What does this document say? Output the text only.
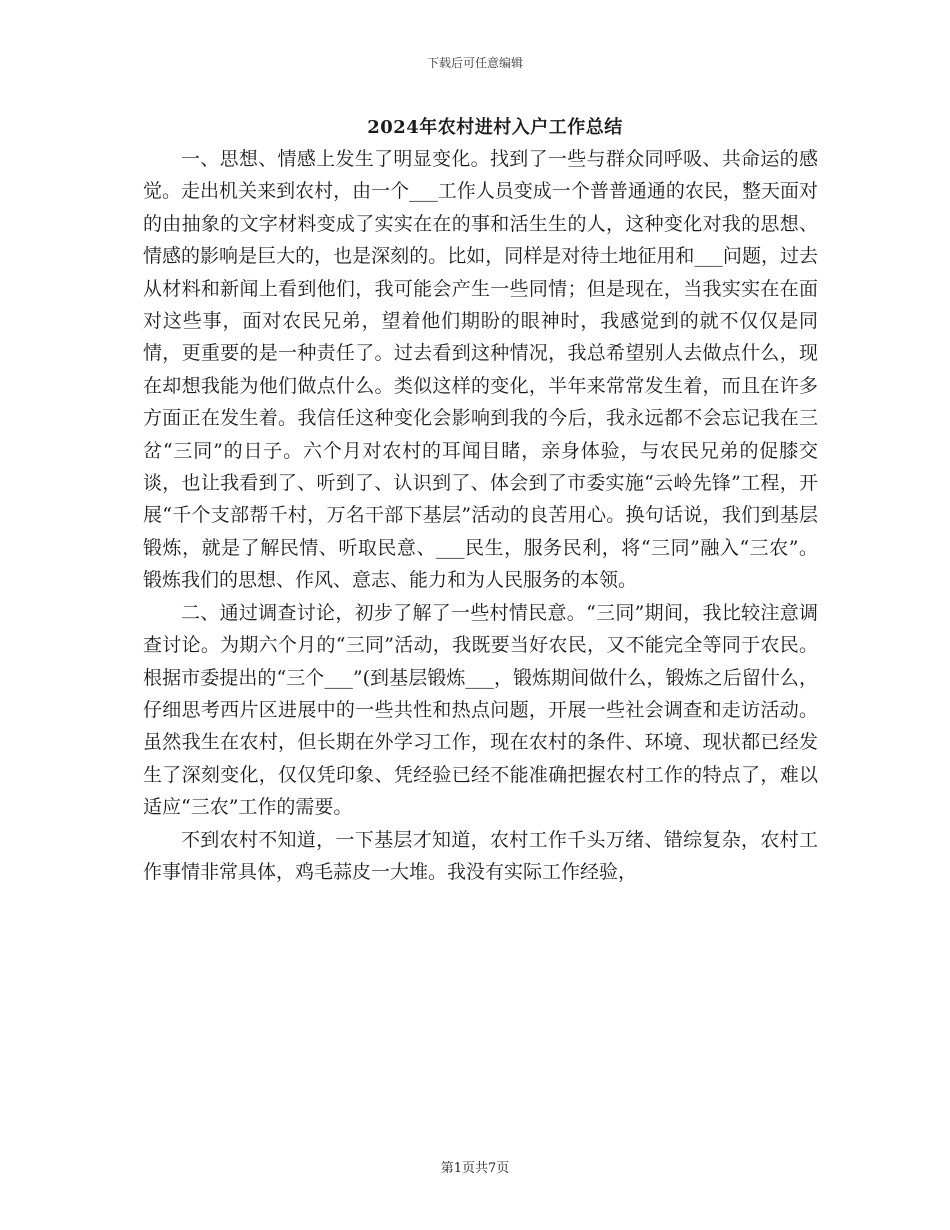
下载后可任意编辑
2024年农村进村入户工作总结

一、思想、情感上发生了明显变化。找到了一些与群众同呼吸、共命运的感觉。走出机关来到农村，由一个___工作人员变成一个普普通通的农民，整天面对的由抽象的文字材料变成了实实在在的事和活生生的人，这种变化对我的思想、情感的影响是巨大的，也是深刻的。比如，同样是对待土地征用和___问题，过去从材料和新闻上看到他们，我可能会产生一些同情；但是现在，当我实实在在面对这些事，面对农民兄弟，望着他们期盼的眼神时，我感觉到的就不仅仅是同情，更重要的是一种责任了。过去看到这种情况，我总希望别人去做点什么，现在却想我能为他们做点什么。类似这样的变化，半年来常常发生着，而且在许多方面正在发生着。我信任这种变化会影响到我的今后，我永远都不会忘记我在三岔“三同”的日子。六个月对农村的耳闻目睹，亲身体验，与农民兄弟的促膝交谈，也让我看到了、听到了、认识到了、体会到了市委实施“云岭先锋”工程，开展“千个支部帮千村，万名干部下基层”活动的良苦用心。换句话说，我们到基层锻炼，就是了解民情、听取民意、___民生，服务民利，将“三同”融入“三农”。锻炼我们的思想、作风、意志、能力和为人民服务的本领。

二、通过调查讨论，初步了解了一些村情民意。“三同”期间，我比较注意调查讨论。为期六个月的“三同”活动，我既要当好农民，又不能完全等同于农民。根据市委提出的“三个___”(到基层锻炼___，锻炼期间做什么，锻炼之后留什么，仔细思考西片区进展中的一些共性和热点问题，开展一些社会调查和走访活动。虽然我生在农村，但长期在外学习工作，现在农村的条件、环境、现状都已经发生了深刻变化，仅仅凭印象、凭经验已经不能准确把握农村工作的特点了，难以适应“三农”工作的需要。

不到农村不知道，一下基层才知道，农村工作千头万绪、错综复杂，农村工作事情非常具体，鸡毛蒜皮一大堆。我没有实际工作经验，

第1页共7页
